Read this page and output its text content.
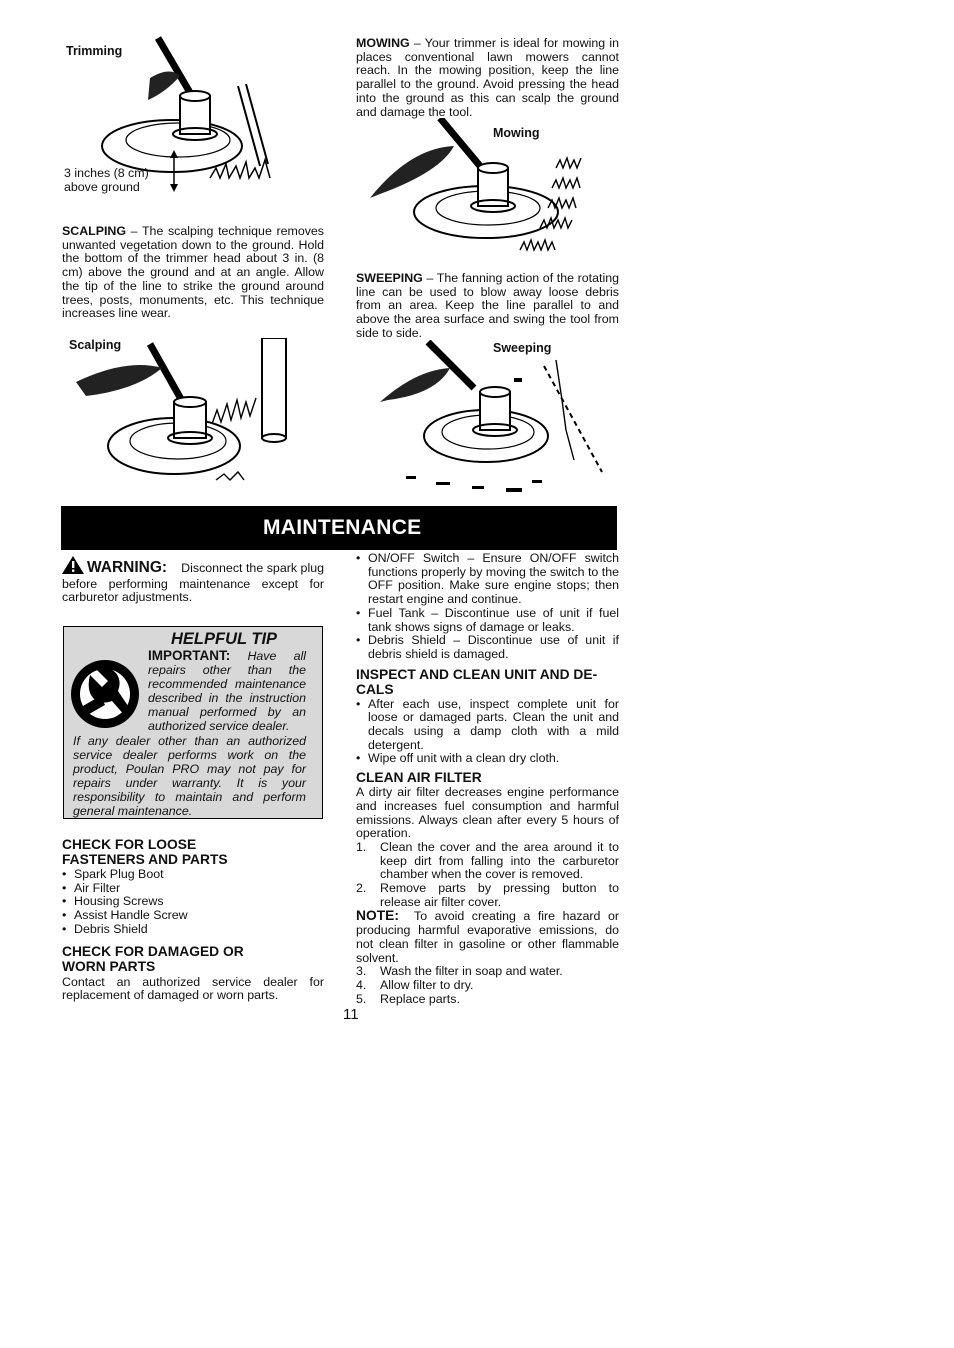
Trimming
3 inches (8 cm)
above ground
SCALPING – The scalping technique removes unwanted vegetation down to the ground. Hold the bottom of the trimmer head about 3 in. (8 cm) above the ground and at an angle. Allow the tip of the line to strike the ground around trees, posts, monuments, etc. This technique increases line wear.
Scalping
MOWING – Your trimmer is ideal for mowing in places conventional lawn mowers cannot reach. In the mowing position, keep the line parallel to the ground. Avoid pressing the head into the ground as this can scalp the ground and damage the tool.
Mowing
SWEEPING – The fanning action of the rotating line can be used to blow away loose debris from an area. Keep the line parallel to and above the area surface and swing the tool from side to side.
Sweeping
MAINTENANCE
WARNING: Disconnect the spark plug before performing maintenance except for carburetor adjustments.
HELPFUL TIP
IMPORTANT: Have all repairs other than the recommended maintenance described in the instruction manual performed by an authorized service dealer.
If any dealer other than an authorized service dealer performs work on the product, Poulan PRO may not pay for repairs under warranty. It is your responsibility to maintain and perform general maintenance.
CHECK FOR LOOSE
FASTENERS AND PARTS
• Spark Plug Boot
• Air Filter
• Housing Screws
• Assist Handle Screw
• Debris Shield
CHECK FOR DAMAGED OR
WORN PARTS
Contact an authorized service dealer for replacement of damaged or worn parts.
• ON/OFF Switch – Ensure ON/OFF switch functions properly by moving the switch to the OFF position. Make sure engine stops; then restart engine and continue.
• Fuel Tank – Discontinue use of unit if fuel tank shows signs of damage or leaks.
• Debris Shield – Discontinue use of unit if debris shield is damaged.
INSPECT AND CLEAN UNIT AND DE-
CALS
• After each use, inspect complete unit for loose or damaged parts. Clean the unit and decals using a damp cloth with a mild detergent.
• Wipe off unit with a clean dry cloth.
CLEAN AIR FILTER
A dirty air filter decreases engine performance and increases fuel consumption and harmful emissions. Always clean after every 5 hours of operation.
1. Clean the cover and the area around it to keep dirt from falling into the carburetor chamber when the cover is removed.
2. Remove parts by pressing button to release air filter cover.
NOTE: To avoid creating a fire hazard or producing harmful evaporative emissions, do not clean filter in gasoline or other flammable solvent.
3. Wash the filter in soap and water.
4. Allow filter to dry.
5. Replace parts.
11
